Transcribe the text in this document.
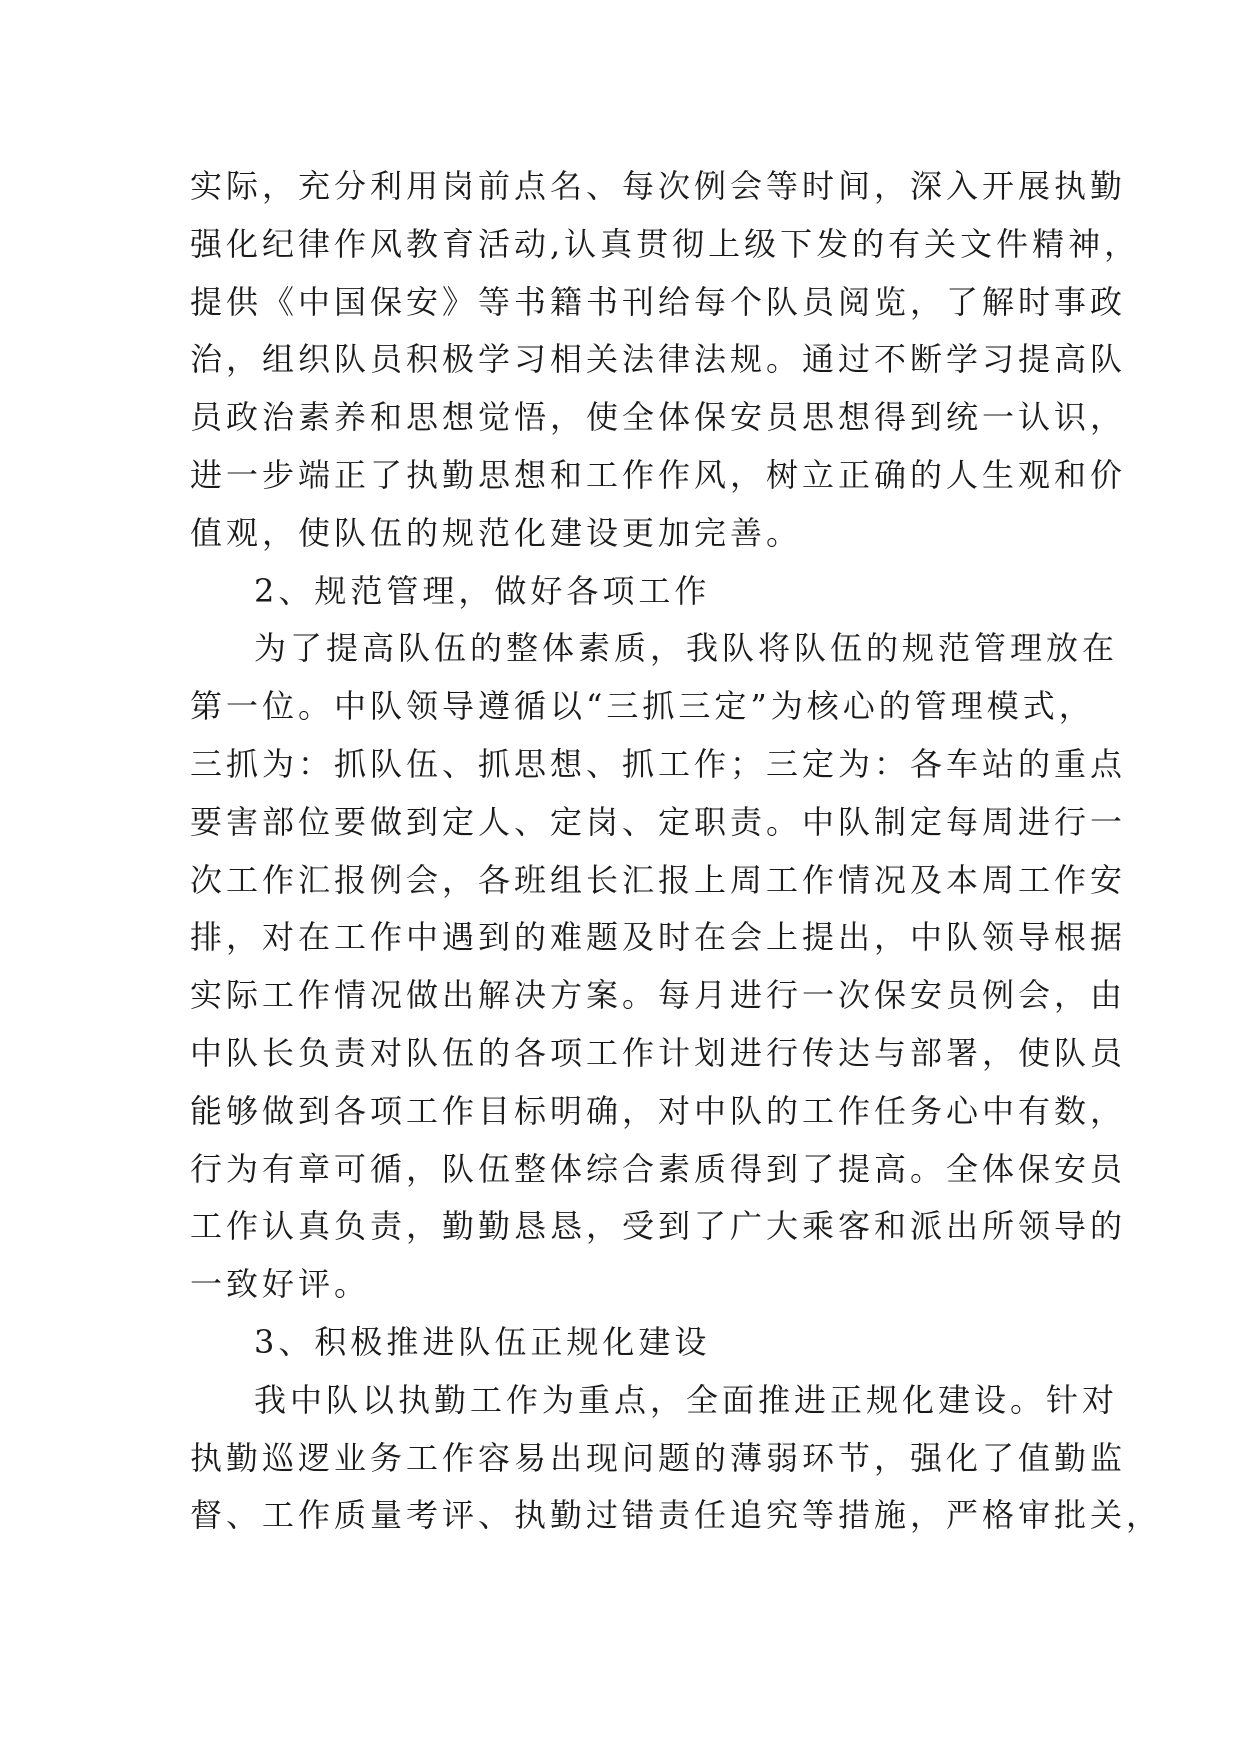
实际，充分利用岗前点名、每次例会等时间，深入开展执勤
强化纪律作风教育活动,认真贯彻上级下发的有关文件精神，
提供《中国保安》等书籍书刊给每个队员阅览，了解时事政
治，组织队员积极学习相关法律法规。通过不断学习提高队
员政治素养和思想觉悟，使全体保安员思想得到统一认识，
进一步端正了执勤思想和工作作风，树立正确的人生观和价
值观，使队伍的规范化建设更加完善。
2、规范管理，做好各项工作
为了提高队伍的整体素质，我队将队伍的规范管理放在
第一位。中队领导遵循以“三抓三定”为核心的管理模式，
三抓为：抓队伍、抓思想、抓工作；三定为：各车站的重点
要害部位要做到定人、定岗、定职责。中队制定每周进行一
次工作汇报例会，各班组长汇报上周工作情况及本周工作安
排，对在工作中遇到的难题及时在会上提出，中队领导根据
实际工作情况做出解决方案。每月进行一次保安员例会，由
中队长负责对队伍的各项工作计划进行传达与部署，使队员
能够做到各项工作目标明确，对中队的工作任务心中有数，
行为有章可循，队伍整体综合素质得到了提高。全体保安员
工作认真负责，勤勤恳恳，受到了广大乘客和派出所领导的
一致好评。
3、积极推进队伍正规化建设
我中队以执勤工作为重点，全面推进正规化建设。针对
执勤巡逻业务工作容易出现问题的薄弱环节，强化了值勤监
督、工作质量考评、执勤过错责任追究等措施，严格审批关，
